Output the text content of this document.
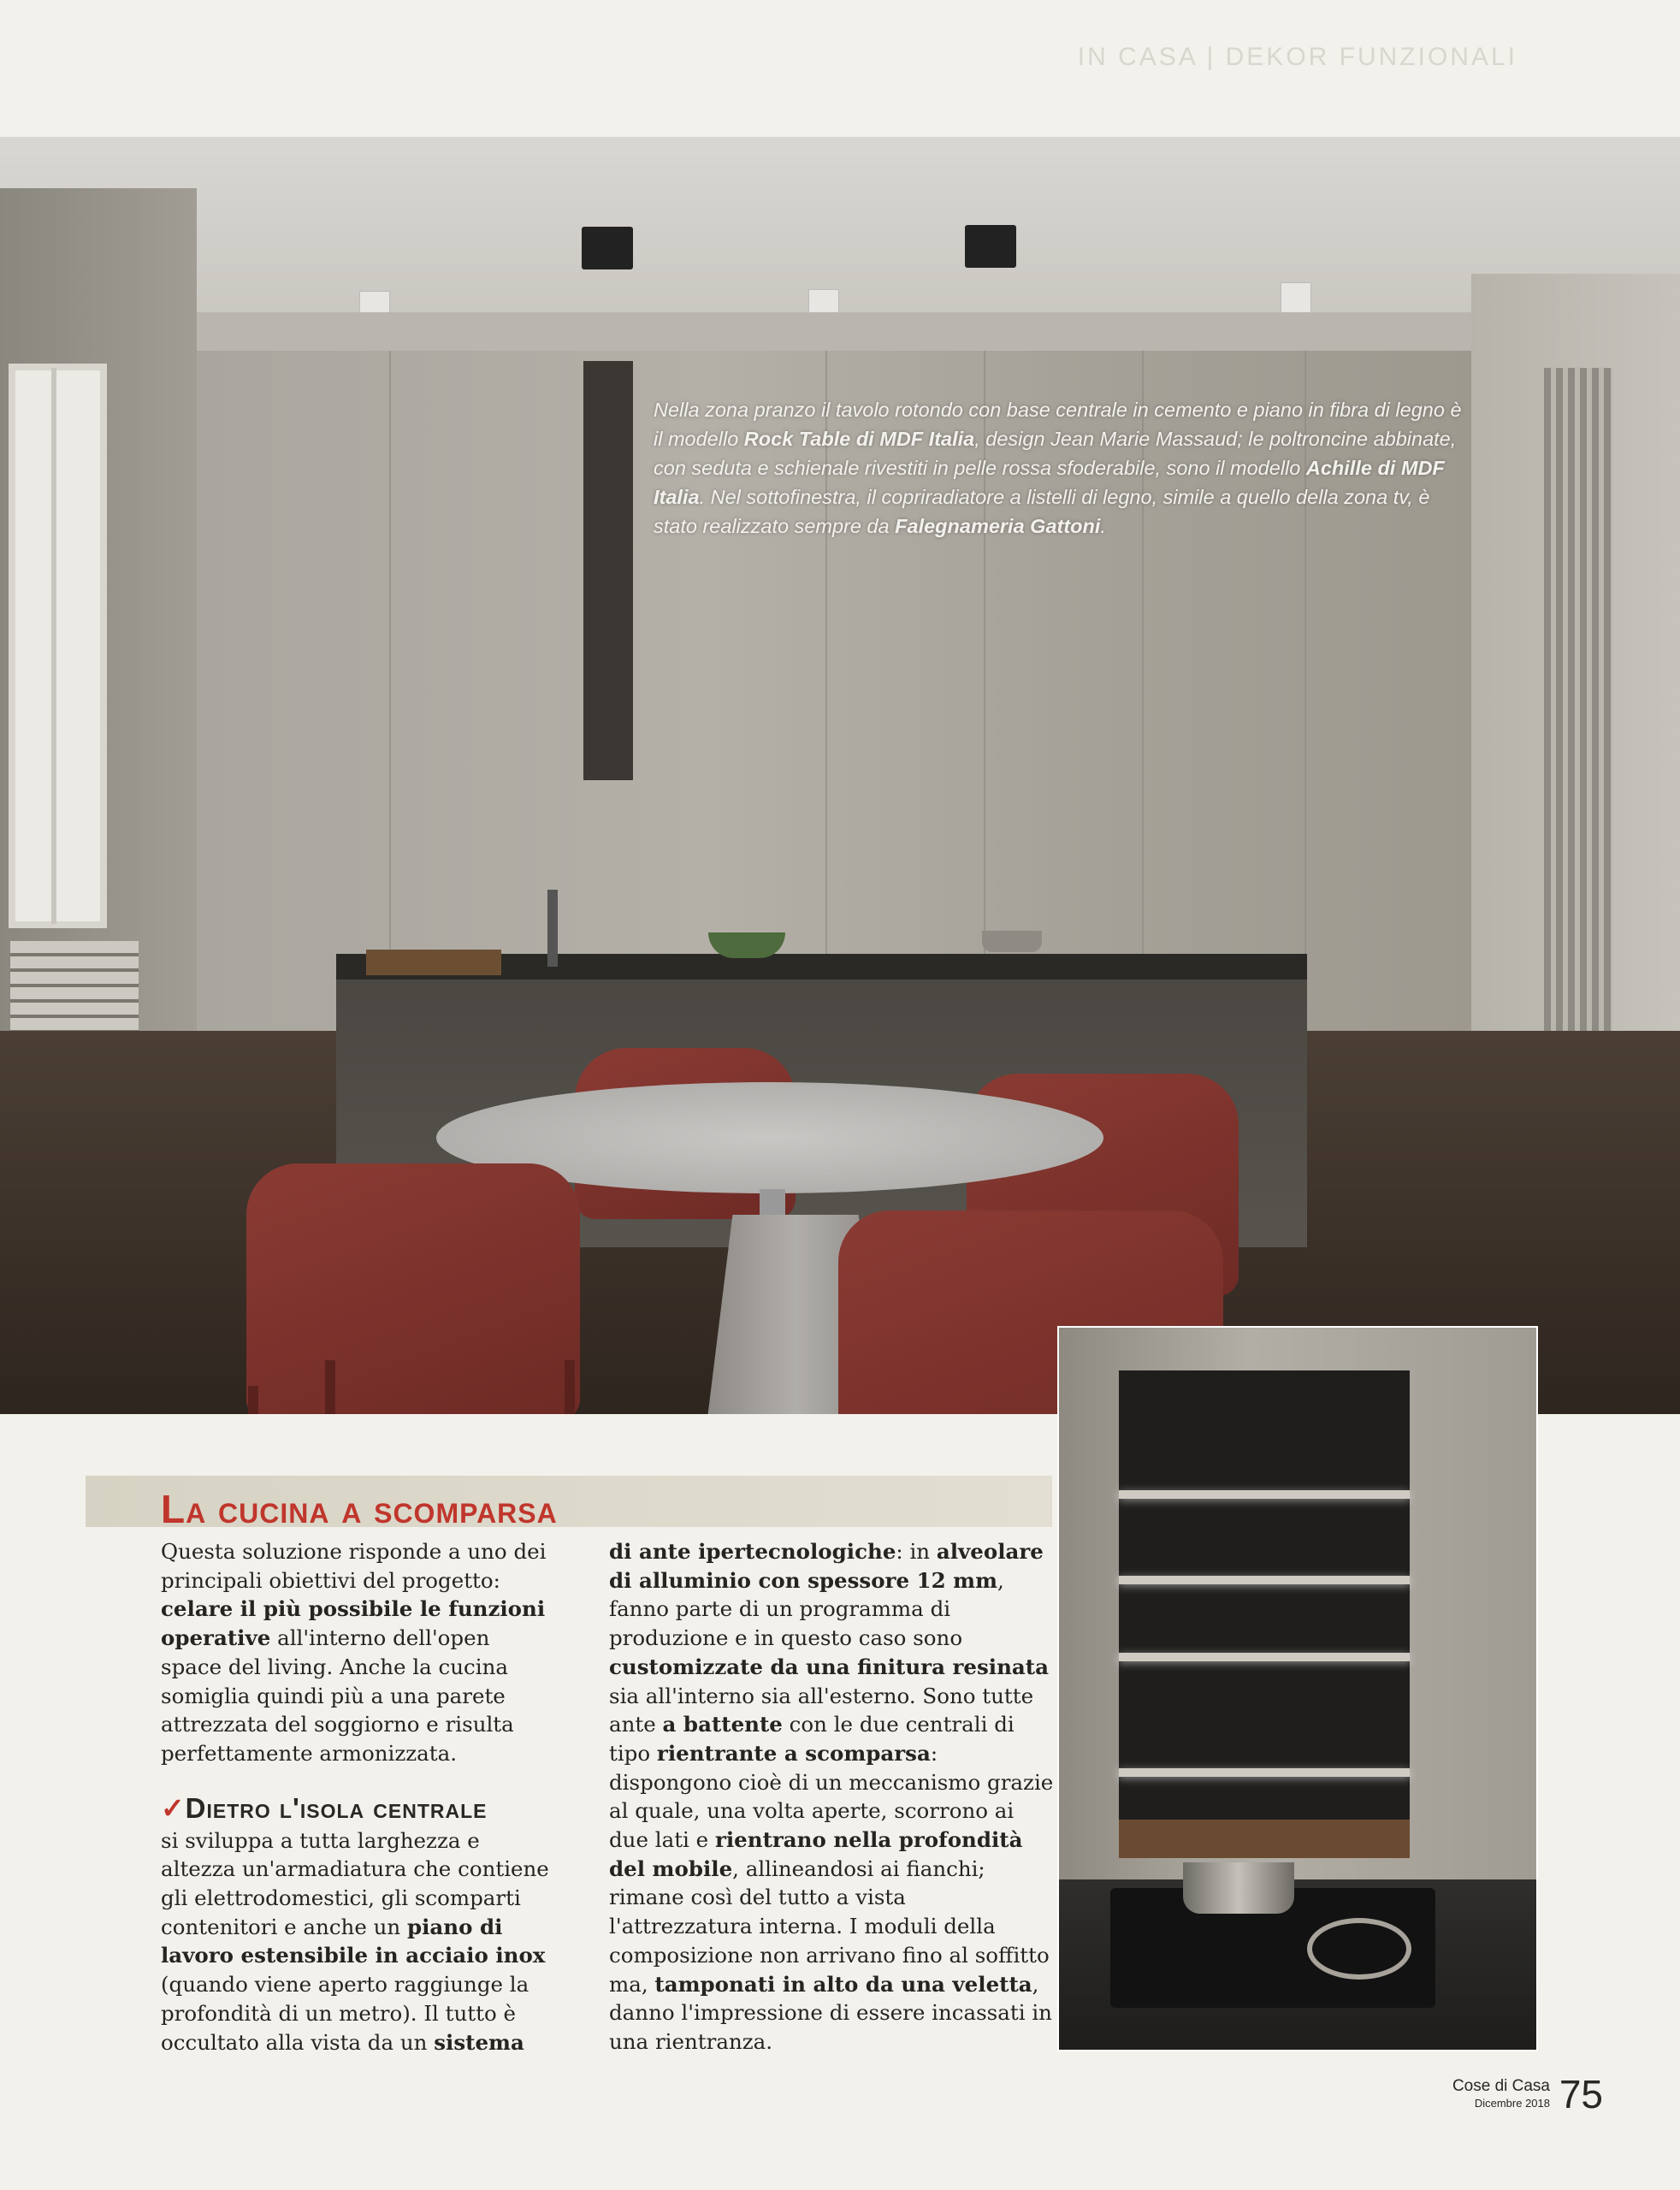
IN CASA | DEKOR FUNZIONALI

Nella zona pranzo il tavolo rotondo con base centrale in cemento e piano in fibra di legno è il modello Rock Table di MDF Italia, design Jean Marie Massaud; le poltroncine abbinate, con seduta e schienale rivestiti in pelle rossa sfoderabile, sono il modello Achille di MDF Italia. Nel sottofinestra, il copriradiatore a listelli di legno, simile a quello della zona tv, è stato realizzato sempre da Falegnameria Gattoni.

La cucina a scomparsa

Questa soluzione risponde a uno dei principali obiettivi del progetto: celare il più possibile le funzioni operative all'interno dell'open space del living. Anche la cucina somiglia quindi più a una parete attrezzata del soggiorno e risulta perfettamente armonizzata.

✓Dietro l'isola centrale

si sviluppa a tutta larghezza e altezza un'armadiatura che contiene gli elettrodomestici, gli scomparti contenitori e anche un piano di lavoro estensibile in acciaio inox (quando viene aperto raggiunge la profondità di un metro). Il tutto è occultato alla vista da un sistema

di ante ipertecnologiche: in alveolare di alluminio con spessore 12 mm, fanno parte di un programma di produzione e in questo caso sono customizzate da una finitura resinata sia all'interno sia all'esterno. Sono tutte ante a battente con le due centrali di tipo rientrante a scomparsa: dispongono cioè di un meccanismo grazie al quale, una volta aperte, scorrono ai due lati e rientrano nella profondità del mobile, allineandosi ai fianchi; rimane così del tutto a vista l'attrezzatura interna. I moduli della composizione non arrivano fino al soffitto ma, tamponati in alto da una veletta, danno l'impressione di essere incassati in una rientranza.

Cose di Casa

Dicembre 2018 75
